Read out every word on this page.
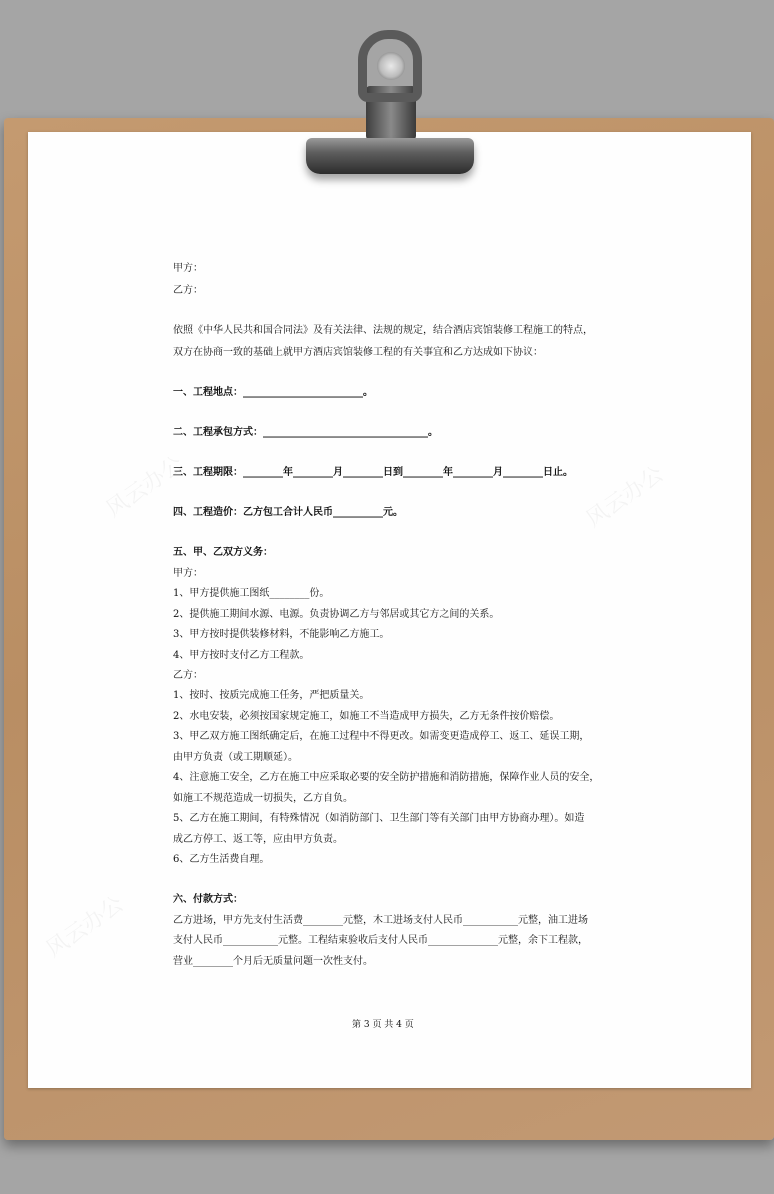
甲方：
乙方：
依照《中华人民共和国合同法》及有关法律、法规的规定，结合酒店宾馆装修工程施工的特点，
双方在协商一致的基础上就甲方酒店宾馆装修工程的有关事宜和乙方达成如下协议：
一、工程地点：________________________。
二、工程承包方式：_________________________________。
三、工程期限：________年________月________日到________年________月________日止。
四、工程造价：乙方包工合计人民币__________元。
五、甲、乙双方义务：
甲方：
1、甲方提供施工图纸________份。
2、提供施工期间水源、电源。负责协调乙方与邻居或其它方之间的关系。
3、甲方按时提供装修材料，不能影响乙方施工。
4、甲方按时支付乙方工程款。
乙方：
1、按时、按质完成施工任务，严把质量关。
2、水电安装，必须按国家规定施工，如施工不当造成甲方损失，乙方无条件按价赔偿。
3、甲乙双方施工图纸确定后，在施工过程中不得更改。如需变更造成停工、返工、延误工期，
由甲方负责（或工期顺延）。
4、注意施工安全，乙方在施工中应采取必要的安全防护措施和消防措施，保障作业人员的安全，
如施工不规范造成一切损失，乙方自负。
5、乙方在施工期间，有特殊情况（如消防部门、卫生部门等有关部门由甲方协商办理）。如造
成乙方停工、返工等，应由甲方负责。
6、乙方生活费自理。
六、付款方式：
乙方进场，甲方先支付生活费________元整，木工进场支付人民币___________元整，油工进场
支付人民币___________元整。工程结束验收后支付人民币______________元整，余下工程款，
营业________个月后无质量问题一次性支付。
第 3 页 共 4 页
